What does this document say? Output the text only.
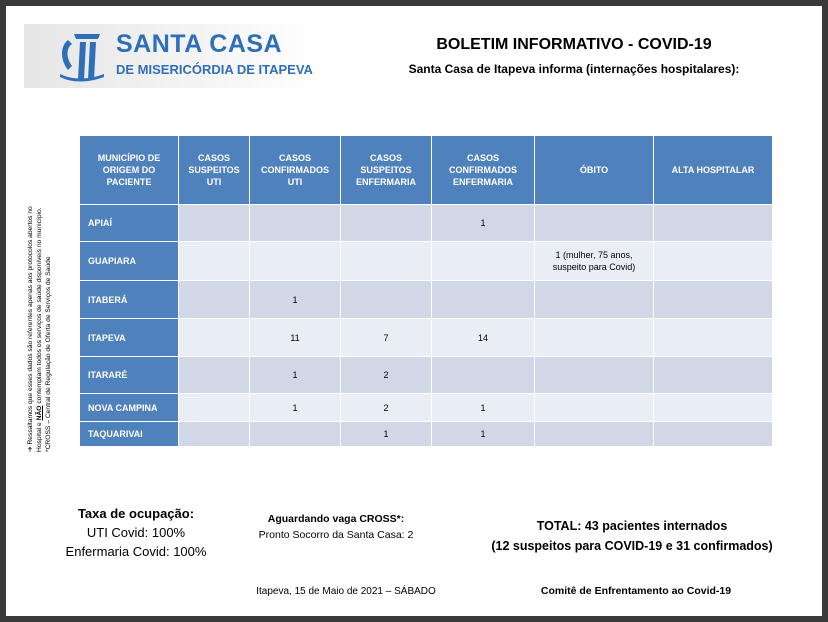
SANTA CASA
DE MISERICÓRDIA DE ITAPEVA
BOLETIM INFORMATIVO - COVID-19
Santa Casa de Itapeva informa (internações hospitalares):
➔ Ressaltamos que esses dados são referentes apenas aos protocolos abertos no Hospital e NÃO contemplam todos os serviços de saúde disponíveis no município. *CROSS – Central de Regulação de Oferta de Serviços de Saúde
MUNICÍPIO DE ORIGEM DO PACIENTE	CASOS SUSPEITOS UTI	CASOS CONFIRMADOS UTI	CASOS SUSPEITOS ENFERMARIA	CASOS CONFIRMADOS ENFERMARIA	ÓBITO	ALTA HOSPITALAR
APIAÍ				1		
GUAPIARA					1 (mulher, 75 anos, suspeito para Covid)	
ITABERÁ		1				
ITAPEVA		11	7	14		
ITARARÉ		1	2			
NOVA CAMPINA		1	2	1		
TAQUARIVAI			1	1		
Taxa de ocupação:
UTI Covid: 100%
Enfermaria Covid: 100%
Aguardando vaga CROSS*:
Pronto Socorro da Santa Casa: 2
TOTAL: 43 pacientes internados
(12 suspeitos para COVID-19 e 31 confirmados)
Itapeva, 15 de Maio de 2021 – SÁBADO	Comitê de Enfrentamento ao Covid-19
